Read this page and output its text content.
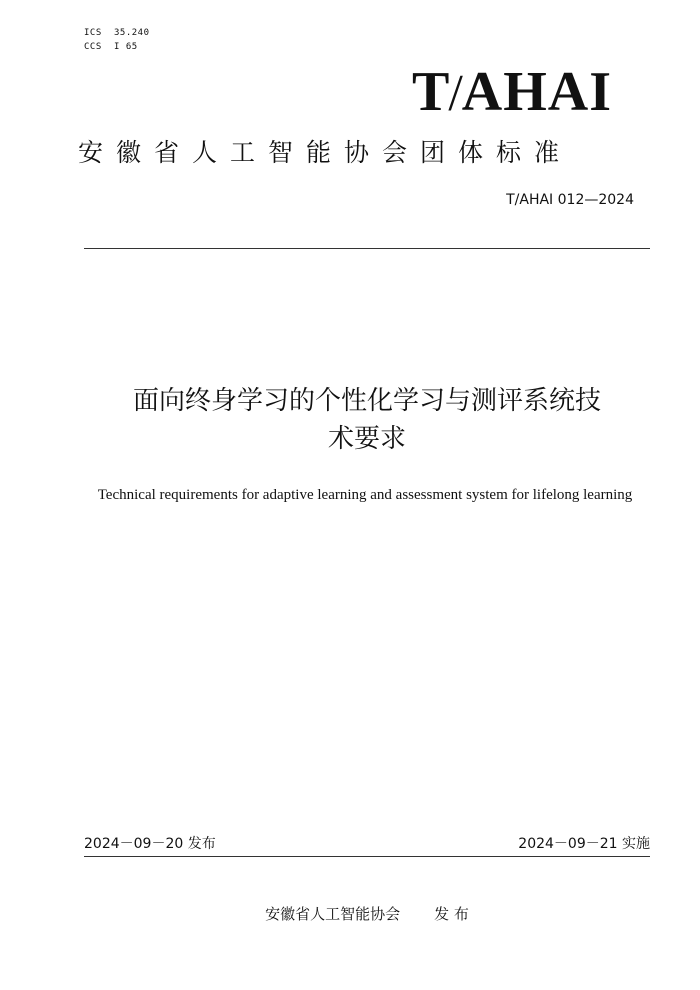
ICS 35.240
CCS I 65
T/AHAI
安徽省人工智能协会团体标准
T/AHAI 012—2024
面向终身学习的个性化学习与测评系统技
术要求
Technical requirements for adaptive learning and assessment system for lifelong learning
2024－09－20 发布	2024－09－21 实施
安徽省人工智能协会 发 布
